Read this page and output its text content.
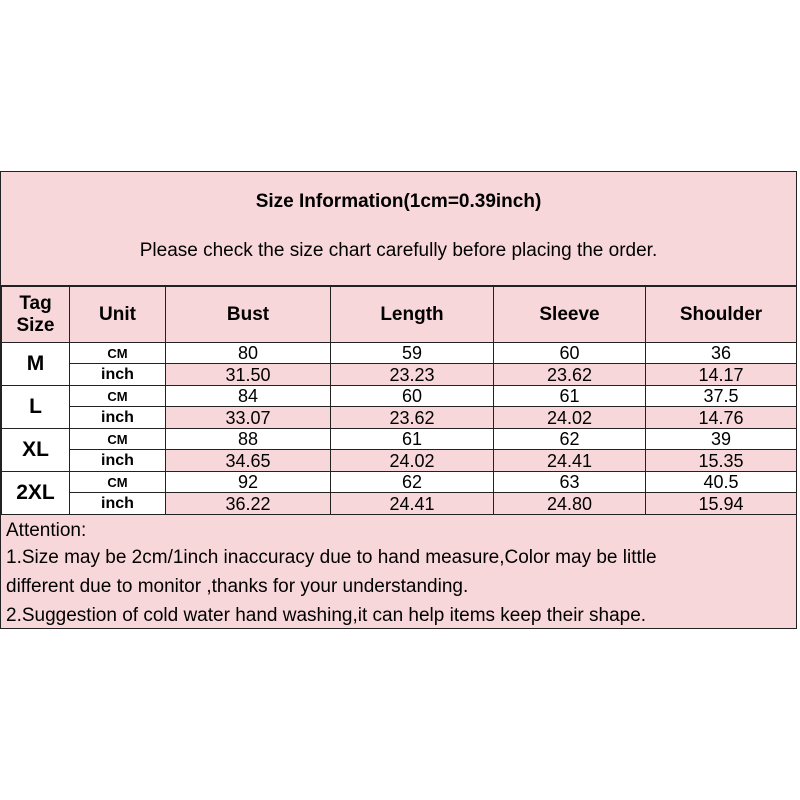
Size Information(1cm=0.39inch)
Please check the size chart carefully before placing the order.
Tag Size	Unit	Bust	Length	Sleeve	Shoulder
M	CM	80	59	60	36
	inch	31.50	23.23	23.62	14.17
L	CM	84	60	61	37.5
	inch	33.07	23.62	24.02	14.76
XL	CM	88	61	62	39
	inch	34.65	24.02	24.41	15.35
2XL	CM	92	62	63	40.5
	inch	36.22	24.41	24.80	15.94
Attention:
1.Size may be 2cm/1inch inaccuracy due to hand measure,Color may be little
different due to monitor ,thanks for your understanding.
2.Suggestion of cold water hand washing,it can help items keep their shape.
